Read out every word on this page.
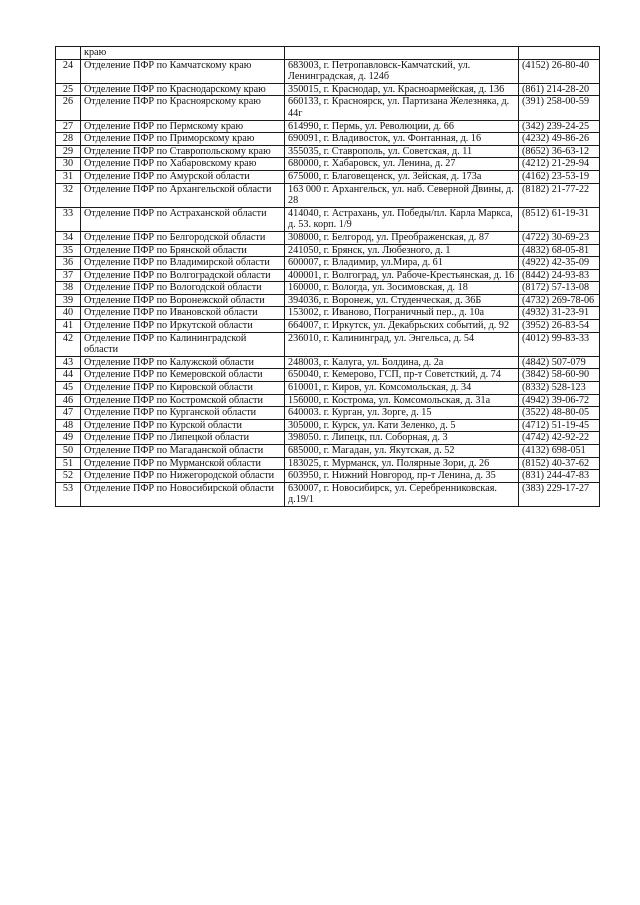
	краю		
24	Отделение ПФР по Камчатскому краю	683003, г. Петропавловск-Камчатский, ул. Ленинградская, д. 124б	(4152) 26-80-40
25	Отделение ПФР по Краснодарскому краю	350015, г. Краснодар, ул. Красноармейская, д. 136	(861) 214-28-20
26	Отделение ПФР по Красноярскому краю	660133, г. Красноярск, ул. Партизана Железняка, д. 44г	(391) 258-00-59
27	Отделение ПФР по Пермскому краю	614990, г. Пермь, ул. Революции, д. 66	(342) 239-24-25
28	Отделение ПФР по Приморскому краю	690091, г. Владивосток, ул. Фонтанная, д. 16	(4232) 49-86-26
29	Отделение ПФР по Ставропольскому краю	355035, г. Ставрополь, ул. Советская, д. 11	(8652) 36-63-12
30	Отделение ПФР по Хабаровскому краю	680000, г. Хабаровск, ул. Ленина, д. 27	(4212) 21-29-94
31	Отделение ПФР по Амурской области	675000, г. Благовещенск, ул. Зейская, д. 173а	(4162) 23-53-19
32	Отделение ПФР по Архангельской области	163 000 г. Архангельск, ул. наб. Северной Двины, д. 28	(8182) 21-77-22
33	Отделение ПФР по Астраханской области	414040, г. Астрахань, ул. Победы/пл. Карла Маркса, д. 53. корп. 1/9	(8512) 61-19-31
34	Отделение ПФР по Белгородской области	308000, г. Белгород, ул. Преображенская, д. 87	(4722) 30-69-23
35	Отделение ПФР по Брянской области	241050, г. Брянск, ул. Любезного, д. 1	(4832) 68-05-81
36	Отделение ПФР по Владимирской области	600007, г. Владимир, ул.Мира, д. 61	(4922) 42-35-09
37	Отделение ПФР по Волгоградской области	400001, г. Волгоград, ул. Рабоче-Крестьянская, д. 16	(8442) 24-93-83
38	Отделение ПФР по Вологодской области	160000, г. Вологда, ул. Зосимовская, д. 18	(8172) 57-13-08
39	Отделение ПФР по Воронежской области	394036, г. Воронеж, ул. Студенческая, д. 36Б	(4732) 269-78-06
40	Отделение ПФР по Ивановской области	153002, г. Иваново, Пограничный пер., д. 10а	(4932) 31-23-91
41	Отделение ПФР по Иркутской области	664007, г. Иркутск, ул. Декабрьских событий, д. 92	(3952) 26-83-54
42	Отделение ПФР по Калининградской области	236010, г. Калининград, ул. Энгельса, д. 54	(4012) 99-83-33
43	Отделение ПФР по Калужской области	248003, г. Калуга, ул. Болдина, д. 2а	(4842) 507-079
44	Отделение ПФР по Кемеровской области	650040, г. Кемерово, ГСП, пр-т Советсткий, д. 74	(3842) 58-60-90
45	Отделение ПФР по Кировской области	610001, г. Киров, ул. Комсомольская, д. 34	(8332) 528-123
46	Отделение ПФР по Костромской области	156000, г. Кострома, ул. Комсомольская, д. 31а	(4942) 39-06-72
47	Отделение ПФР по Курганской области	640003. г. Курган, ул. Зорге, д. 15	(3522) 48-80-05
48	Отделение ПФР по Курской области	305000, г. Курск, ул. Кати Зеленко, д. 5	(4712) 51-19-45
49	Отделение ПФР по Липецкой области	398050. г. Липецк, пл. Соборная, д. 3	(4742) 42-92-22
50	Отделение ПФР по Магаданской области	685000, г. Магадан, ул. Якутская, д. 52	(4132) 698-051
51	Отделение ПФР по Мурманской области	183025, г. Мурманск, ул. Полярные Зори, д. 26	(8152) 40-37-62
52	Отделение ПФР по Нижегородской области	603950, г. Нижний Новгород, пр-т Ленина, д. 35	(831) 244-47-83
53	Отделение ПФР по Новосибирской области	630007, г. Новосибирск, ул. Серебренниковская. д.19/1	(383) 229-17-27
